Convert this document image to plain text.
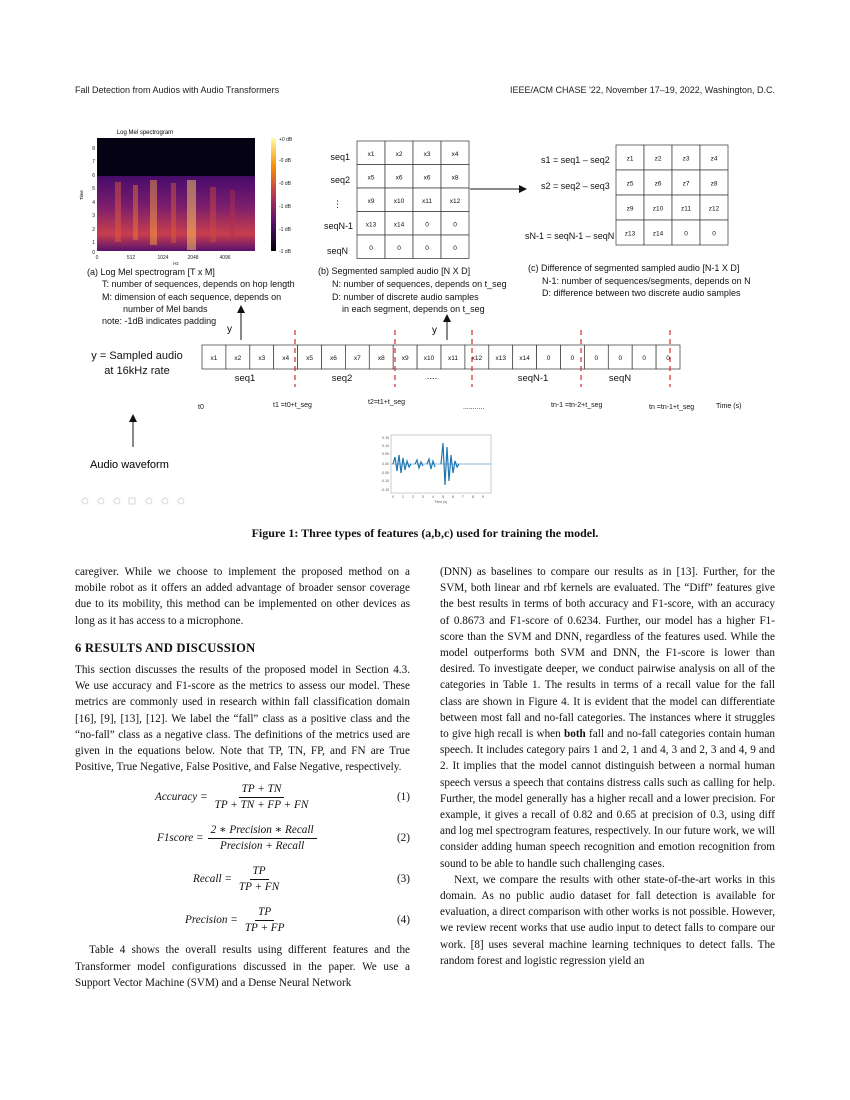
Fall Detection from Audios with Audio Transformers	IEEE/ACM CHASE '22, November 17–19, 2022, Washington, D.C.
Log Mel spectrogram
+0 dB
-0 dB
-0 dB
-1 dB
-1 dB
-1 dB
8
7
6
5
4
3
2
1
0
Time
0	512	1024	2048	4096
Hz
(a) Log Mel spectrogram [T x M]
T: number of sequences, depends on hop length
M: dimension of each sequence, depends on
number of Mel bands
note: -1dB indicates padding
seq1
seq2
⋮
seqN-1
seqN
x1	x2	x3	x4
x5	x6	x6	x8
x9	x10	x11	x12
x13	x14	0	0
0	0	0	0
(b) Segmented sampled audio [N X D]
N: number of sequences, depends on t_seg
D: number of discrete audio samples
in each segment, depends on t_seg
s1 = seq1 – seq2
s2 = seq2 – seq3
sN-1 = seqN-1 – seqN
z1	z2	z3	z4
z5	z6	z7	z8
z9	z10	z11	z12
z13	z14	0	0
(c) Difference of segmented sampled audio [N-1 X D]
N-1: number of sequences/segments, depends on N
D: difference between two discrete audio samples
y	y
y = Sampled audio
at 16kHz rate
x1	x2	x3	x4	x5	x6	x7	x8	x9 x10 x11 x12 x13 x14	0	0	0	0	0	0
seq1	seq2	....	seqN-1	seqN
t0	t1 =t0+t_seg	t2=t1+t_seg
...........	tn-1 =tn-2+t_seg	tn =tn-1+t_seg	Time (s)
Audio waveform
0.15
0.10
0.05
0.00
-0.05
-0.10
-0.15
0 1 2 3 4 5 6 7 8 9
Time (s)
Figure 1: Three types of features (a,b,c) used for training the model.

caregiver. While we choose to implement the proposed method on a mobile robot as it offers an added advantage of broader sensor coverage due to its mobility, this method can be implemented on other devices as long as it has access to a microphone.

6 RESULTS AND DISCUSSION

This section discusses the results of the proposed model in Section 4.3. We use accuracy and F1-score as the metrics to assess our model. These metrics are commonly used in research within fall classification domain [16], [9], [13], [12]. We label the “fall” class as a positive class and the “no-fall” class as a negative class. The definitions of the metrics used are given in the equations below. Note that TP, TN, FP, and FN are True Positive, True Negative, False Positive, and False Negative, respectively.

Accuracy = $\frac{TP + TN}{TP + TN + FP + FN}$	(1)
F1score = $\frac{\text{2 ∗ Precision ∗ Recall}}{\text{Precision + Recall}}$	(2)
Recall = $\frac{TP}{TP + FN}$	(3)
Precision = $\frac{TP}{TP + FP}$	(4)

Table 4 shows the overall results using different features and the Transformer model configurations discussed in the paper. We use a Support Vector Machine (SVM) and a Dense Neural Network

(DNN) as baselines to compare our results as in [13]. Further, for the SVM, both linear and rbf kernels are evaluated. The “Diff” features give the best results in terms of both accuracy and F1-score, with an accuracy of 0.8673 and F1-score of 0.6234. Further, our model has a higher F1-score than the SVM and DNN, regardless of the features used. While the model outperforms both SVM and DNN, the F1-score is lower than desired. To investigate deeper, we conduct pairwise analysis on all of the categories in Table 1. The results in terms of a recall value for the fall class are shown in Figure 4. It is evident that the model can differentiate between most fall and no-fall categories. The instances where it struggles to give high recall is when both fall and no-fall categories contain human speech. It includes category pairs 1 and 2, 1 and 4, 3 and 2, 3 and 4, 9 and 2. It implies that the model cannot distinguish between a normal human speech versus a speech that contains distress calls such as calling for help. Further, the model generally has a higher recall and a lower precision. For example, it gives a recall of 0.82 and 0.65 at precision of 0.3, using diff and log mel spectrogram features, respectively. In our future work, we will consider adding human speech recognition and emotion recognition from sound to be able to handle such challenging cases.

Next, we compare the results with other state-of-the-art works in this domain. As no public audio dataset for fall detection is available for evaluation, a direct comparison with other works is not possible. However, we review recent works that use audio input to detect falls to compare our work. [8] uses several machine learning techniques to detect falls. The random forest and logistic regression yield an
